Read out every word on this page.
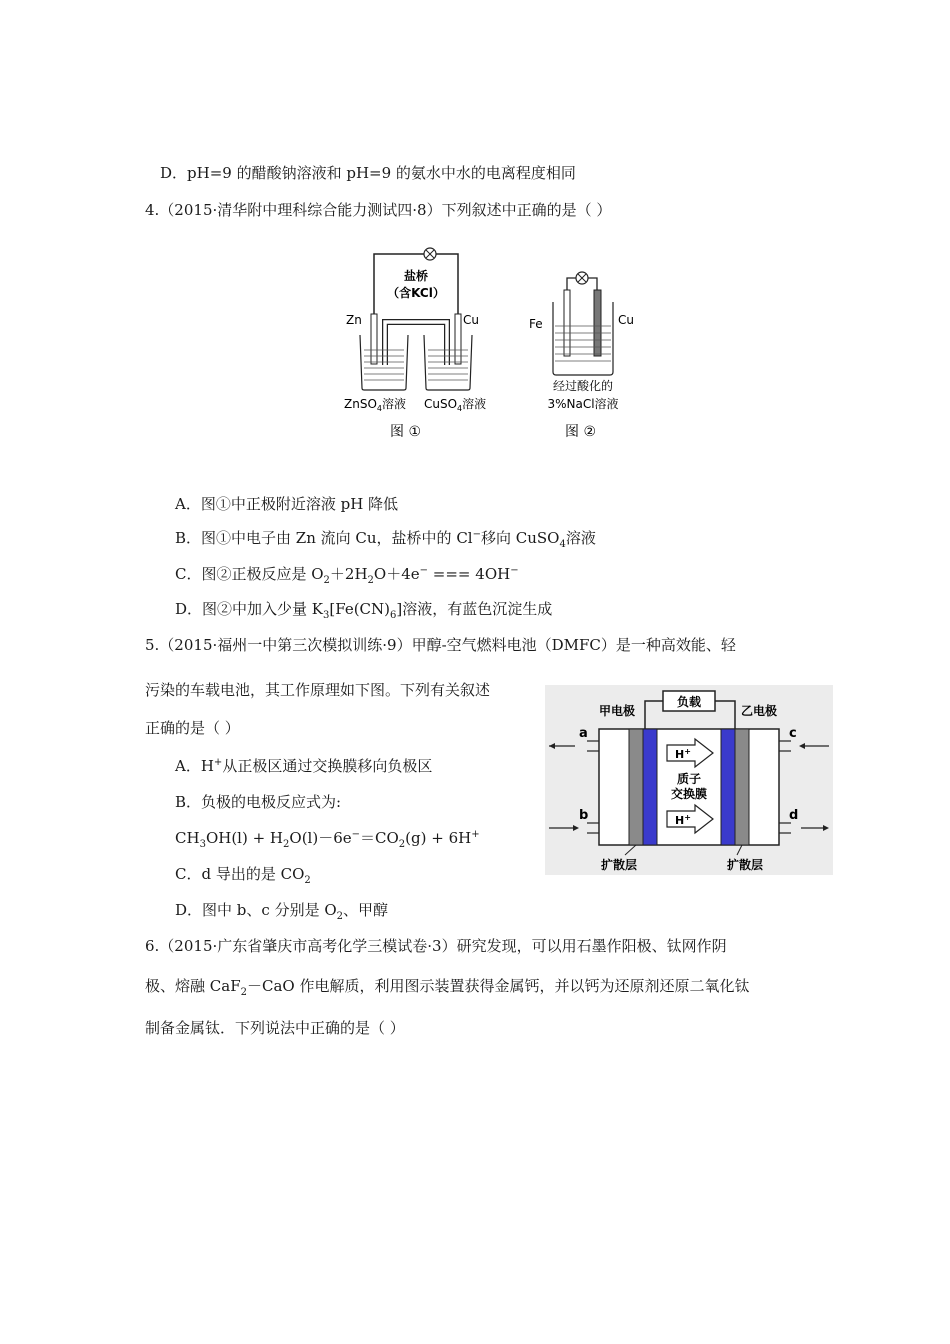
D．pH=9 的醋酸钠溶液和 pH=9 的氨水中水的电离程度相同
4.（2015·清华附中理科综合能力测试四·8）下列叙述中正确的是（ ）
盐桥
（含KCl）
Zn	Cu
ZnSO$_4$溶液 CuSO$_4$溶液
图 ①
Fe	Cu
经过酸化的
3%NaCl溶液
图 ②
A．图①中正极附近溶液 pH 降低
B．图①中电子由 Zn 流向 Cu，盐桥中的 Cl−移向 CuSO$_4$溶液
C．图②正极反应是 $O_2+2H_2O+4e^-$ === 4OH−
D．图②中加入少量 $K_3[Fe(CN)_6]$溶液，有蓝色沉淀生成
5.（2015·福州一中第三次模拟训练·9）甲醇-空气燃料电池（DMFC）是一种高效能、轻
污染的车载电池，其工作原理如下图。下列有关叙述
正确的是（ ）
A．H+从正极区通过交换膜移向负极区
B．负极的电极反应式为:
$CH_3OH(l) + H_2O(l)-6e^-=CO_2(g) + 6H^+$
C．d 导出的是 $CO_2$
D．图中 b、c 分别是 $O_2$、甲醇
负载
H+
H+
质子
交换膜
甲电极	乙电极
a
b
c
d
扩散层	扩散层
6.（2015·广东省肇庆市高考化学三模试卷·3）研究发现，可以用石墨作阳极、钛网作阴
极、熔融 CaF$_2$－CaO 作电解质，利用图示装置获得金属钙，并以钙为还原剂还原二氧化钛
制备金属钛．下列说法中正确的是（ ）
